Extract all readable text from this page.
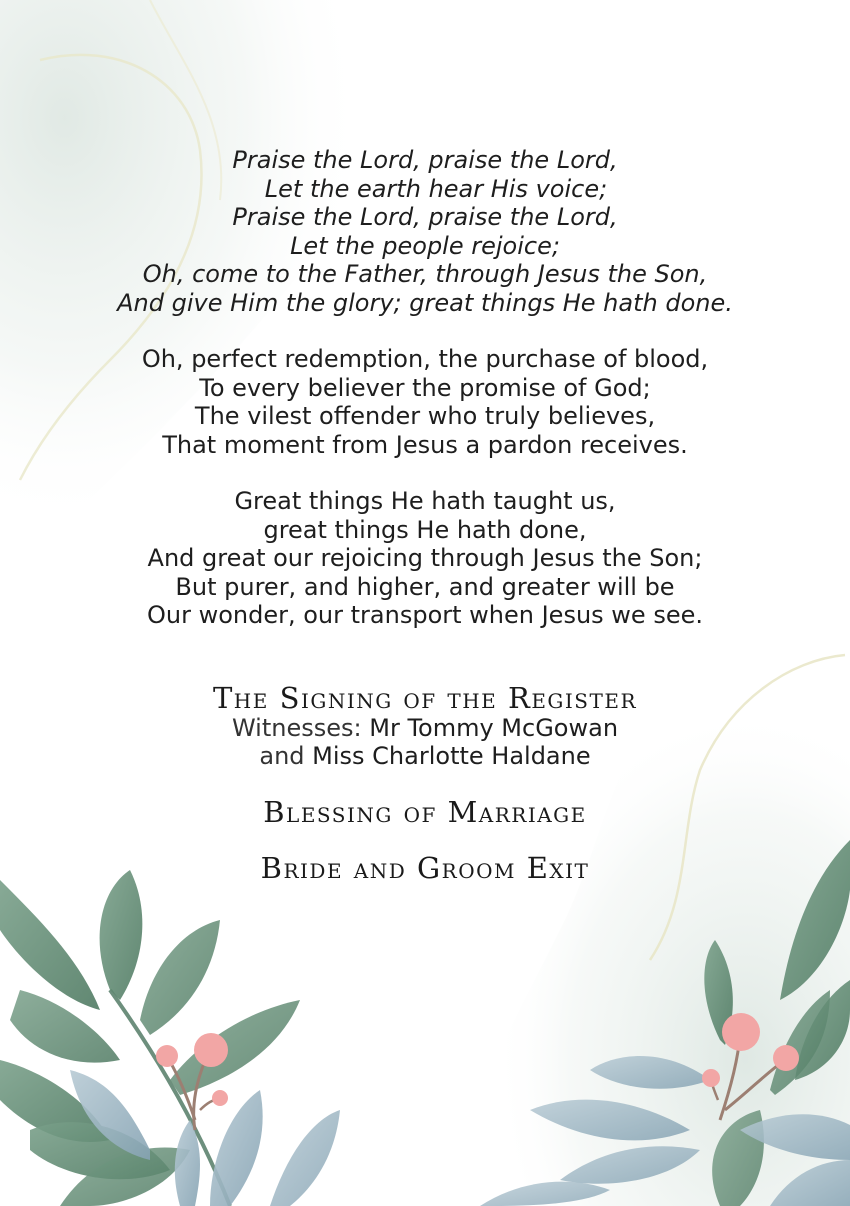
Praise the Lord, praise the Lord,
Let the earth hear His voice;
Praise the Lord, praise the Lord,
Let the people rejoice;
Oh, come to the Father, through Jesus the Son,
And give Him the glory; great things He hath done.
Oh, perfect redemption, the purchase of blood,
To every believer the promise of God;
The vilest offender who truly believes,
That moment from Jesus a pardon receives.
Great things He hath taught us,
great things He hath done,
And great our rejoicing through Jesus the Son;
But purer, and higher, and greater will be
Our wonder, our transport when Jesus we see.
The Signing of the Register
Witnesses: Mr Tommy McGowan
and Miss Charlotte Haldane
Blessing of Marriage
Bride and Groom Exit
